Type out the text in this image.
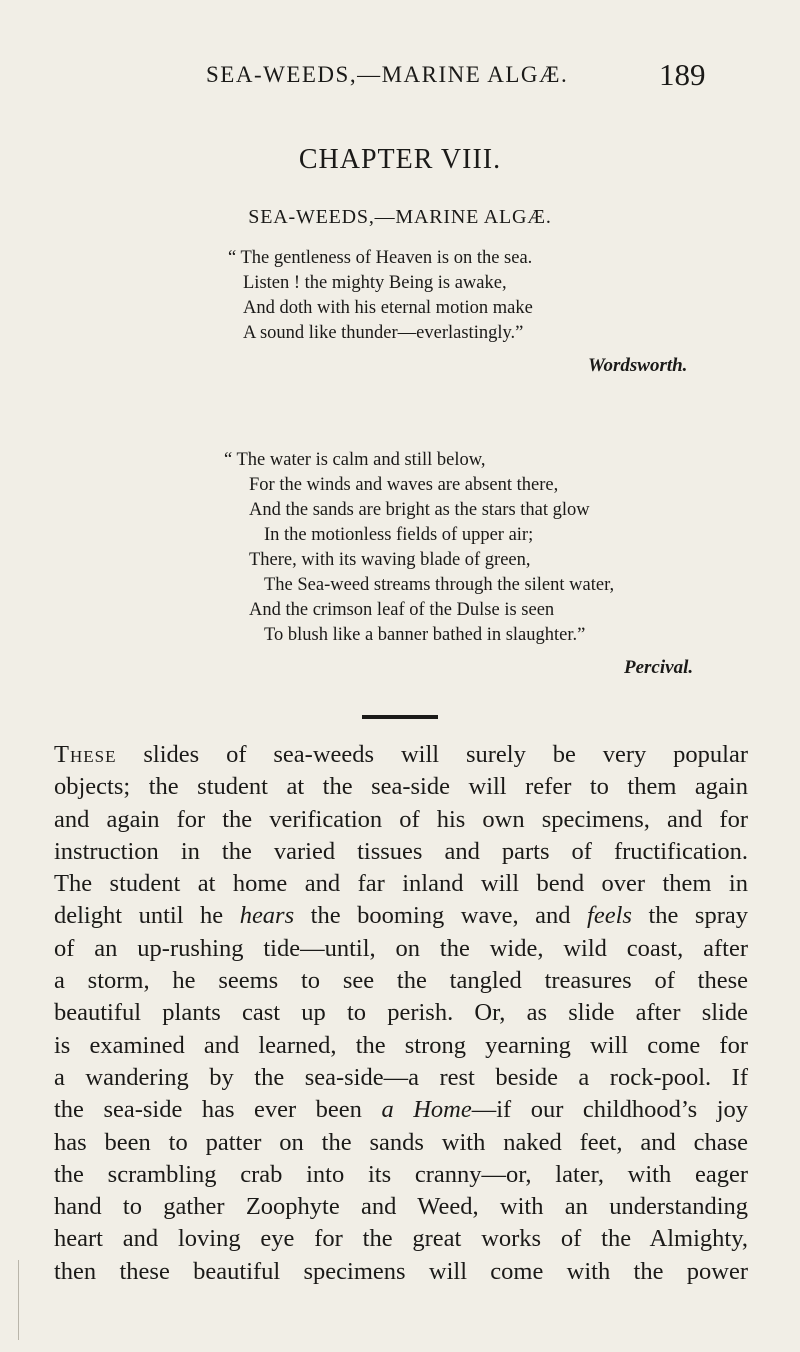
SEA-WEEDS,—MARINE ALGÆ.	189
CHAPTER VIII.
SEA-WEEDS,—MARINE ALGÆ.
“ The gentleness of Heaven is on the sea.
Listen ! the mighty Being is awake,
And doth with his eternal motion make
A sound like thunder—everlastingly.”
Wordsworth.
“ The water is calm and still below,
For the winds and waves are absent there,
And the sands are bright as the stars that glow
In the motionless fields of upper air;
There, with its waving blade of green,
The Sea-weed streams through the silent water,
And the crimson leaf of the Dulse is seen
To blush like a banner bathed in slaughter.”
Percival.
These slides of sea-weeds will surely be very popular
objects; the student at the sea-side will refer to them again
and again for the verification of his own specimens, and for
instruction in the varied tissues and parts of fructification.
The student at home and far inland will bend over them in
delight until he hears the booming wave, and feels the spray
of an up-rushing tide—until, on the wide, wild coast, after
a storm, he seems to see the tangled treasures of these
beautiful plants cast up to perish. Or, as slide after slide
is examined and learned, the strong yearning will come for
a wandering by the sea-side—a rest beside a rock-pool. If
the sea-side has ever been a Home—if our childhood’s joy
has been to patter on the sands with naked feet, and chase
the scrambling crab into its cranny—or, later, with eager
hand to gather Zoophyte and Weed, with an understanding
heart and loving eye for the great works of the Almighty,
then these beautiful specimens will come with the power
